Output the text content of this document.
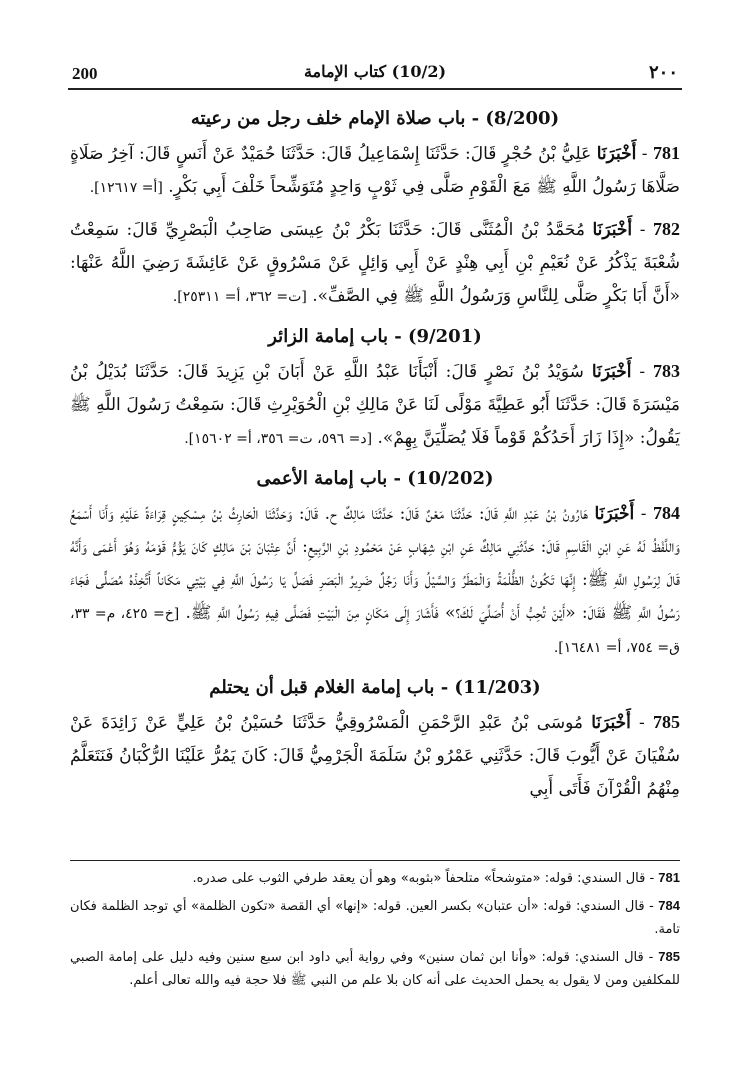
200	(10/2) كتاب الإمامة	٢٠٠
(8/200) - باب صلاة الإمام خلف رجل من رعيته

781 - أَخْبَرَنَا عَلِيُّ بْنُ حُجْرٍ قَالَ: حَدَّثَنَا إِسْمَاعِيلُ قَالَ: حَدَّثَنَا حُمَيْدٌ عَنْ أَنَسٍ قَالَ: آخِرُ صَلَاةٍ صَلَّاهَا رَسُولُ اللَّهِ ﷺ مَعَ الْقَوْمِ صَلَّى فِي ثَوْبٍ وَاحِدٍ مُتَوَشِّحاً خَلْفَ أَبِي بَكْرٍ. [أ= ١٢٦١٧].

782 - أَخْبَرَنَا مُحَمَّدُ بْنُ الْمُثَنَّى قَالَ: حَدَّثَنَا بَكْرُ بْنُ عِيسَى صَاحِبُ الْبَصْرِيِّ قَالَ: سَمِعْتُ شُعْبَةَ يَذْكُرُ عَنْ نُعَيْمِ بْنِ أَبِي هِنْدٍ عَنْ أَبِي وَائِلٍ عَنْ مَسْرُوقٍ عَنْ عَائِشَةَ رَضِيَ اللَّهُ عَنْهَا: «أَنَّ أَبَا بَكْرٍ صَلَّى لِلنَّاسِ وَرَسُولُ اللَّهِ ﷺ فِي الصَّفِّ». [ت= ٣٦٢، أ= ٢٥٣١١].

(9/201) - باب إمامة الزائر

783 - أَخْبَرَنَا سُوَيْدُ بْنُ نَصْرٍ قَالَ: أَنْبَأَنَا عَبْدُ اللَّهِ عَنْ أَبَانَ بْنِ يَزِيدَ قَالَ: حَدَّثَنَا بُدَيْلُ بْنُ مَيْسَرَةَ قَالَ: حَدَّثَنَا أَبُو عَطِيَّةَ مَوْلًى لَنَا عَنْ مَالِكِ بْنِ الْحُوَيْرِثِ قَالَ: سَمِعْتُ رَسُولَ اللَّهِ ﷺ يَقُولُ: «إِذَا زَارَ أَحَدُكُمْ قَوْماً فَلَا يُصَلِّيَنَّ بِهِمْ». [د= ٥٩٦، ت= ٣٥٦، أ= ١٥٦٠٢].

(10/202) - باب إمامة الأعمى

784 - أَخْبَرَنَا هَارُونُ بْنُ عَبْدِ اللَّهِ قَالَ: حَدَّثَنَا مَعْنٌ قَالَ: حَدَّثَنَا مَالِكٌ ح. قَالَ: وَحَدَّثَنَا الْحَارِثُ بْنُ مِسْكِينٍ قِرَاءَةً عَلَيْهِ وَأَنَا أَسْمَعُ وَاللَّفْظُ لَهُ عَنِ ابْنِ الْقَاسِمِ قَالَ: حَدَّثَنِي مَالِكٌ عَنِ ابْنِ شِهَابٍ عَنْ مَحْمُودِ بْنِ الرَّبِيعِ: أَنَّ عِتْبَانَ بْنَ مَالِكٍ كَانَ يَؤُمُّ قَوْمَهُ وَهُوَ أَعْمَى وَأَنَّهُ قَالَ لِرَسُولِ اللَّهِ ﷺ: إِنَّهَا تَكُونُ الظُّلْمَةُ وَالْمَطَرُ وَالسَّيْلُ وَأَنَا رَجُلٌ ضَرِيرُ الْبَصَرِ فَصَلِّ يَا رَسُولَ اللَّهِ فِي بَيْتِي مَكَاناً أَتَّخِذْهُ مُصَلًّى فَجَاءَ رَسُولُ اللَّهِ ﷺ فَقَالَ: «أَيْنَ تُحِبُّ أَنْ أُصَلِّيَ لَكَ؟» فَأَشَارَ إِلَى مَكَانٍ مِنَ الْبَيْتِ فَصَلَّى فِيهِ رَسُولُ اللَّهِ ﷺ. [خ= ٤٢٥، م= ٣٣، ق= ٧٥٤، أ= ١٦٤٨١].

(11/203) - باب إمامة الغلام قبل أن يحتلم

785 - أَخْبَرَنَا مُوسَى بْنُ عَبْدِ الرَّحْمَنِ الْمَسْرُوقِيُّ حَدَّثَنَا حُسَيْنُ بْنُ عَلِيٍّ عَنْ زَائِدَةَ عَنْ سُفْيَانَ عَنْ أَيُّوبَ قَالَ: حَدَّثَنِي عَمْرُو بْنُ سَلَمَةَ الْجَرْمِيُّ قَالَ: كَانَ يَمُرُّ عَلَيْنَا الرُّكْبَانُ فَنَتَعَلَّمُ مِنْهُمُ الْقُرْآنَ فَأَتَى أَبِي

781 - قال السندي: قوله: «متوشحاً» متلحفاً «بثوبه» وهو أن يعقد طرفي الثوب على صدره.

784 - قال السندي: قوله: «أن عتبان» بكسر العين. قوله: «إنها» أي القصة «تكون الظلمة» أي توجد الظلمة فكان تامة.

785 - قال السندي: قوله: «وأنا ابن ثمان سنين» وفي رواية أبي داود ابن سبع سنين وفيه دليل على إمامة الصبي للمكلفين ومن لا يقول به يحمل الحديث على أنه كان بلا علم من النبي ﷺ فلا حجة فيه والله تعالى أعلم.
